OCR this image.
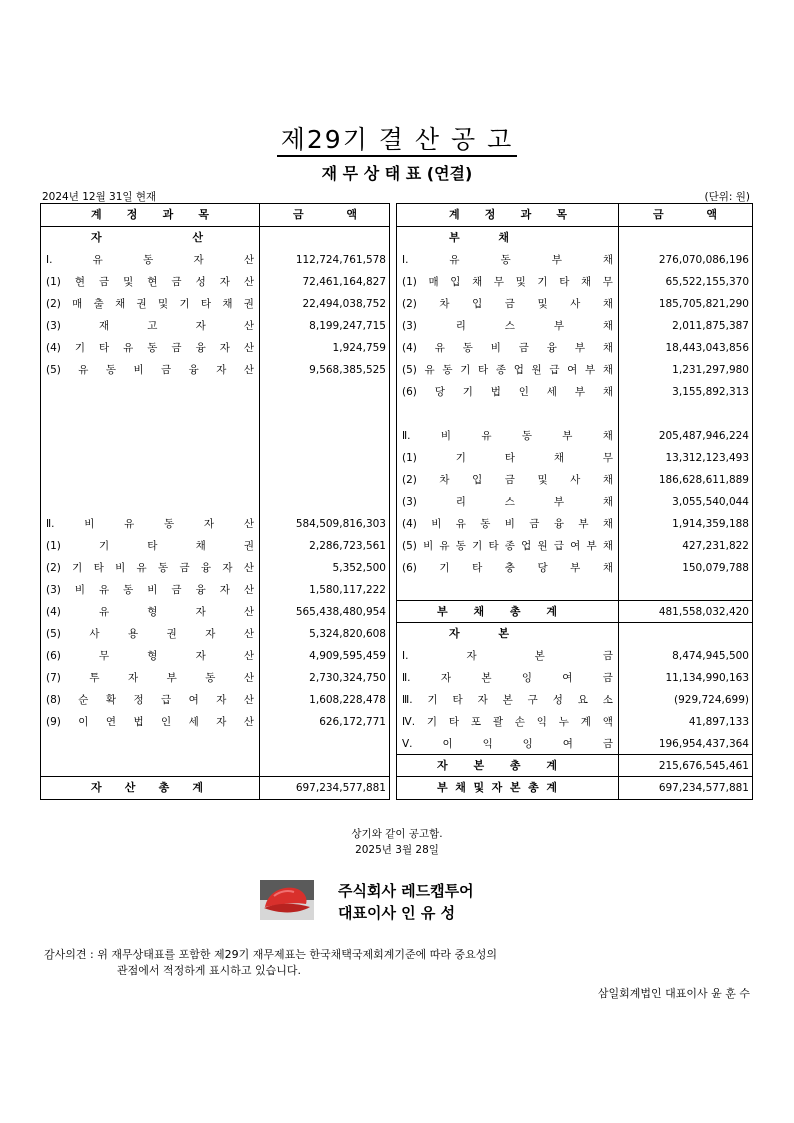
제29기 결 산 공 고
재 무 상 태 표 (연결)
2024년 12월 31일 현재	(단위: 원)
계 정 과 목	금	액
자	산
Ⅰ.	유	동	자	산	112,724,761,578
(1) 현 금 및 현 금 성 자 산	72,461,164,827
(2) 매 출 채 권 및 기 타 채 권	22,494,038,752
(3)	재	고	자	산	8,199,247,715
(4) 기 타 유 동 금 융 자 산	1,924,759
(5) 유 동 비 금 융 자 산	9,568,385,525
Ⅱ.	비	유	동	자	산	584,509,816,303
(1)	기	타	채	권	2,286,723,561
(2) 기 타 비 유 동 금 융 자 산	5,352,500
(3) 비 유 동 비 금 융 자 산	1,580,117,222
(4)	유	형	자	산	565,438,480,954
(5)	사	용	권	자	산	5,324,820,608
(6)	무	형	자	산	4,909,595,459
(7)	투	자	부	동	산	2,730,324,750
(8) 순 확 정 급 여 자 산	1,608,228,478
(9) 이 연 법 인 세 자 산	626,172,771
자 산 총 계	697,234,577,881
계 정 과 목	금	액
부	채
Ⅰ.	유	동	부	채	276,070,086,196
(1) 매 입 채 무 및 기 타 채 무	65,522,155,370
(2) 차 입 금 및 사 채	185,705,821,290
(3)	리	스	부	채	2,011,875,387
(4) 유 동 비 금 융 부 채	18,443,043,856
(5) 유 동 기 타 종 업 원 급 여 부 채	1,231,297,980
(6) 당 기 법 인 세 부 채	3,155,892,313
Ⅱ.	비	유	동	부	채	205,487,946,224
(1)	기	타	채	무	13,312,123,493
(2) 차 입 금 및 사 채	186,628,611,889
(3)	리	스	부	채	3,055,540,044
(4) 비 유 동 비 금 융 부 채	1,914,359,188
(5) 비 유 동 기 타 종 업 원 급 여 부 채	427,231,822
(6) 기 타 충 당 부 채	150,079,788
부 채 총 계	481,558,032,420
자	본
Ⅰ.	자	본	금	8,474,945,500
Ⅱ.	자	본	잉	여	금	11,134,990,163
Ⅲ. 기 타 자 본 구 성 요 소	(929,724,699)
Ⅳ. 기 타 포 괄 손 익 누 계 액	41,897,133
Ⅴ.	이	익	잉	여	금	196,954,437,364
자 본 총 계	215,676,545,461
부 채 및 자 본 총 계	697,234,577,881
상기와 같이 공고함.
2025년 3월 28일
주식회사 레드캡투어
대표이사 인 유 성
감사의견 : 위 재무상태표를 포함한 제29기 재무제표는 한국채택국제회계기준에 따라 중요성의
관점에서 적정하게 표시하고 있습니다.
삼일회계법인 대표이사 윤 훈 수
